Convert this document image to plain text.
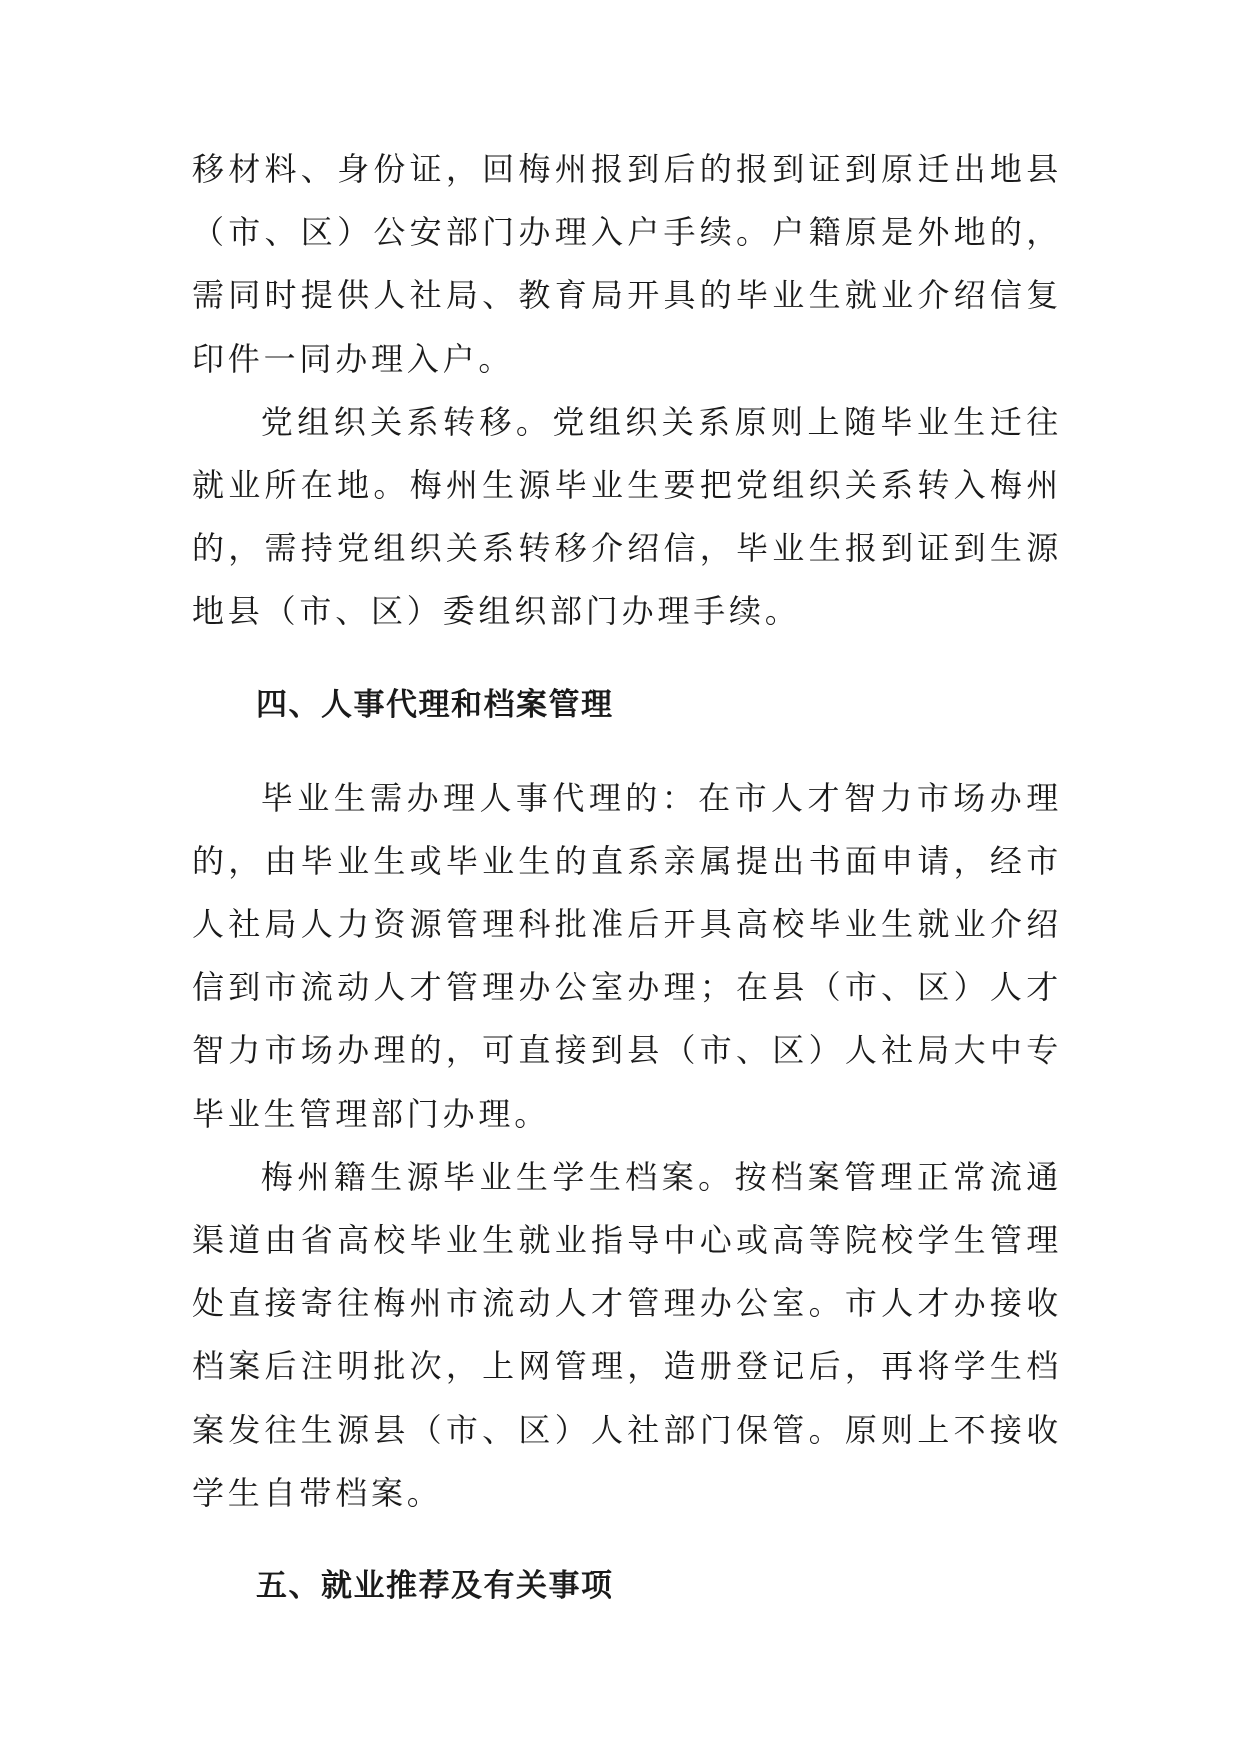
移材料、身份证，回梅州报到后的报到证到原迁出地县（市、区）公安部门办理入户手续。户籍原是外地的，需同时提供人社局、教育局开具的毕业生就业介绍信复印件一同办理入户。

党组织关系转移。党组织关系原则上随毕业生迁往就业所在地。梅州生源毕业生要把党组织关系转入梅州的，需持党组织关系转移介绍信，毕业生报到证到生源地县（市、区）委组织部门办理手续。

四、人事代理和档案管理

毕业生需办理人事代理的：在市人才智力市场办理的，由毕业生或毕业生的直系亲属提出书面申请，经市人社局人力资源管理科批准后开具高校毕业生就业介绍信到市流动人才管理办公室办理；在县（市、区）人才智力市场办理的，可直接到县（市、区）人社局大中专毕业生管理部门办理。

梅州籍生源毕业生学生档案。按档案管理正常流通渠道由省高校毕业生就业指导中心或高等院校学生管理处直接寄往梅州市流动人才管理办公室。市人才办接收档案后注明批次，上网管理，造册登记后，再将学生档案发往生源县（市、区）人社部门保管。原则上不接收学生自带档案。

五、就业推荐及有关事项
